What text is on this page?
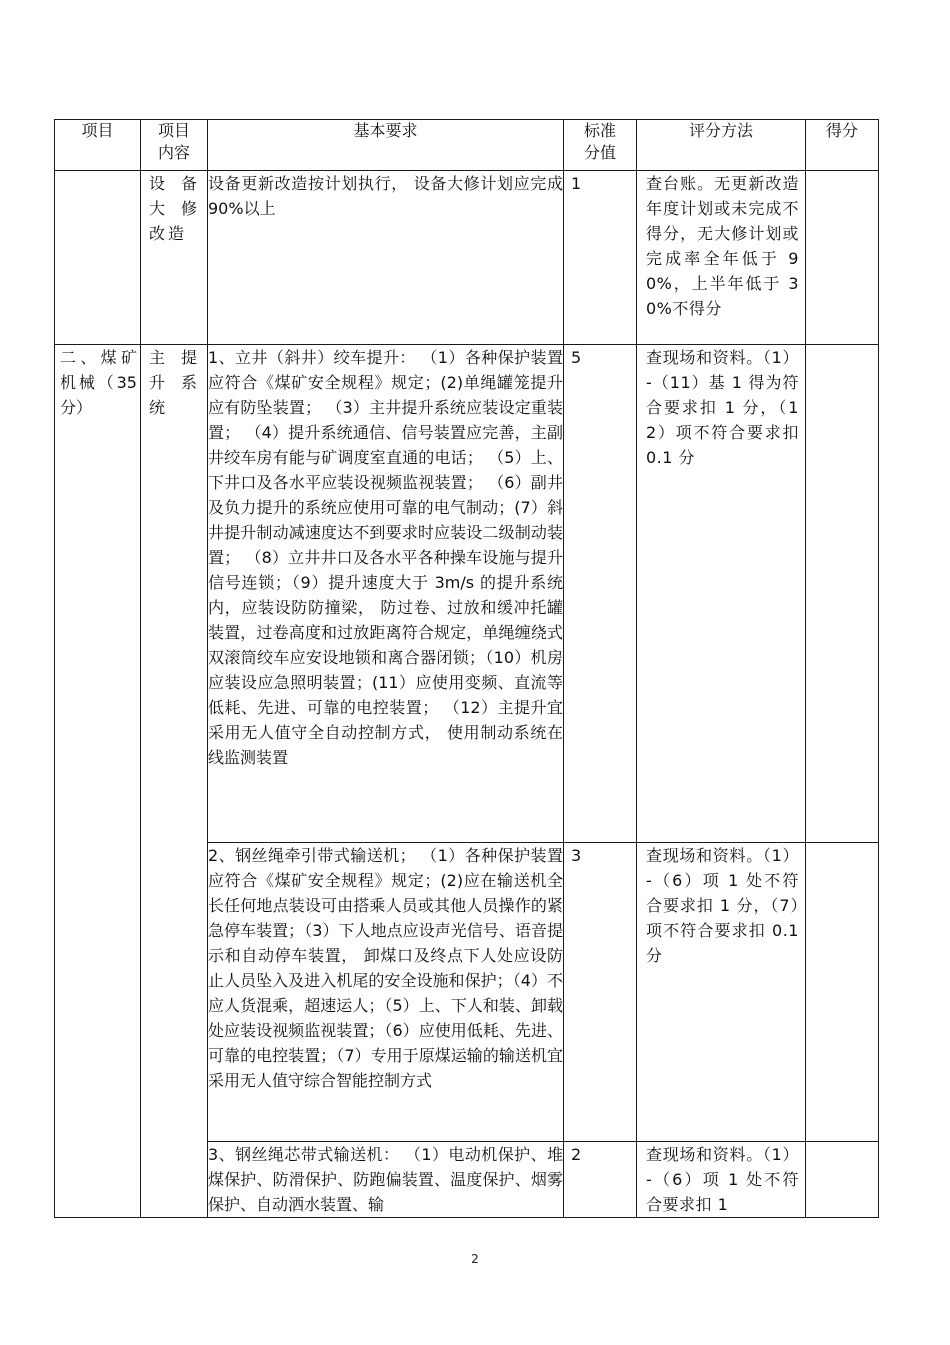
项目	项目内容	基本要求	标准分值	评分方法	得分
	设备大修改造	设备更新改造按计划执行， 设备大修计划应完成 90%以上	1	查台账。无更新改造年度计划或未完成不得分，无大修计划或完成率全年低于 90%，上半年低于 30%不得分	
二、煤矿机械（35分）	主提升系统	1、立井（斜井）绞车提升： （1）各种保护装置应符合《煤矿安全规程》规定；(2)单绳罐笼提升应有防坠装置； （3）主井提升系统应装设定重装置； （4）提升系统通信、信号装置应完善，主副井绞车房有能与矿调度室直通的电话； （5）上、下井口及各水平应装设视频监视装置； （6）副井及负力提升的系统应使用可靠的电气制动；(7）斜井提升制动减速度达不到要求时应装设二级制动装置； （8）立井井口及各水平各种操车设施与提升信号连锁；（9）提升速度大于 3m/s 的提升系统内，应装设防防撞梁， 防过卷、过放和缓冲托罐装置，过卷高度和过放距离符合规定，单绳缠绕式双滚筒绞车应安设地锁和离合器闭锁；（10）机房应装设应急照明装置；(11）应使用变频、直流等低耗、先进、可靠的电控装置； （12）主提升宜采用无人值守全自动控制方式， 使用制动系统在线监测装置	5	查现场和资料。（1）-（11）基 1 得为符合要求扣 1 分，（12）项不符合要求扣 0.1 分	
		2、钢丝绳牵引带式输送机； （1）各种保护装置应符合《煤矿安全规程》规定；(2)应在输送机全长任何地点装设可由搭乘人员或其他人员操作的紧急停车装置；（3）下人地点应设声光信号、语音提示和自动停车装置， 卸煤口及终点下人处应设防止人员坠入及进入机尾的安全设施和保护；（4）不应人货混乘，超速运人；（5）上、下人和装、卸载处应装设视频监视装置；（6）应使用低耗、先进、可靠的电控装置；（7）专用于原煤运输的输送机宜采用无人值守综合智能控制方式	3	查现场和资料。（1）-（6）项 1 处不符合要求扣 1 分，（7）项不符合要求扣 0.1 分	
		3、钢丝绳芯带式输送机： （1）电动机保护、堆煤保护、防滑保护、防跑偏装置、温度保护、烟雾保护、自动洒水装置、输	2	查现场和资料。（1）-（6）项 1 处不符合要求扣 1	
2
